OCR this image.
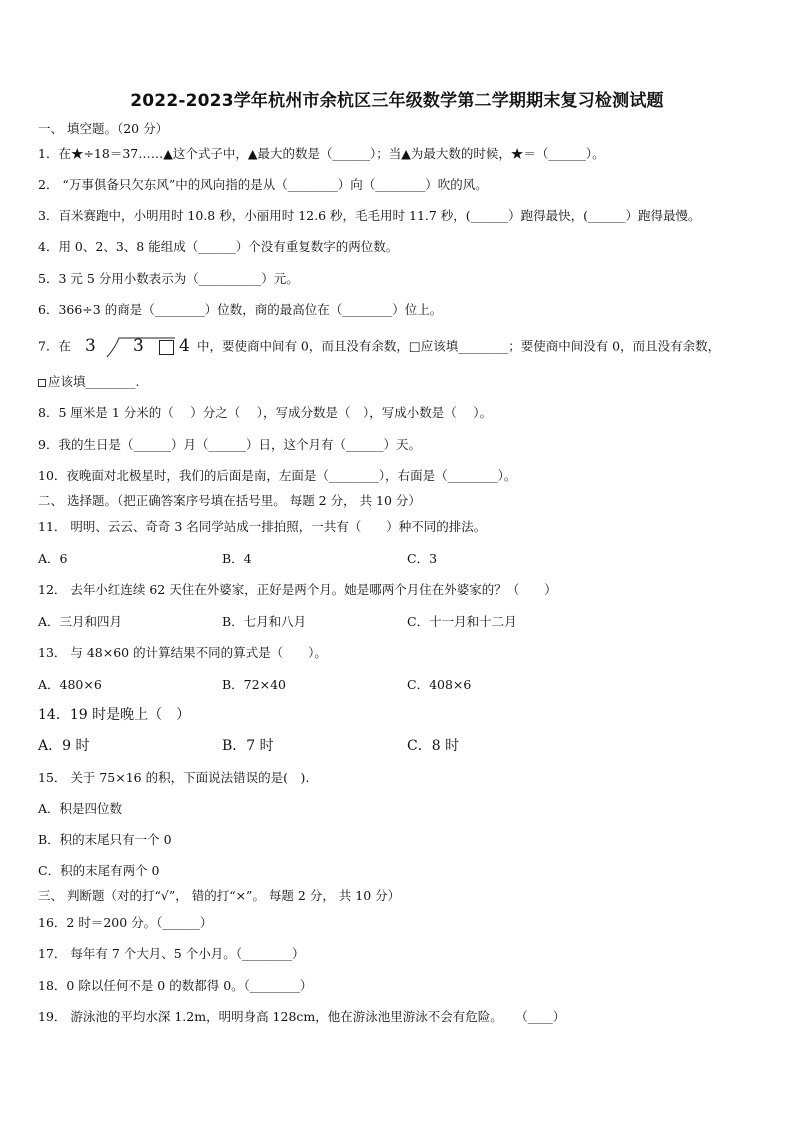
2022-2023学年杭州市余杭区三年级数学第二学期期末复习检测试题
一、 填空题。（20 分）
1．在★÷18＝37……▲这个式子中，▲最大的数是（______）；当▲为最大数的时候，★＝（______）。
2． “万事俱备只欠东风”中的风向指的是从（________）向（________）吹的风。
3．百米赛跑中，小明用时 10.8 秒，小丽用时 12.6 秒，毛毛用时 11.7 秒，(______）跑得最快，(______）跑得最慢。
4．用 0、2、3、8 能组成（______）个没有重复数字的两位数。
5．3 元 5 分用小数表示为（__________）元。
6．366÷3 的商是（________）位数，商的最高位在（________）位上。
7．在 3 3 4 中，要使商中间有 0，而且没有余数，□应该填________；要使商中间没有 0，而且没有余数，
应该填________.
8．5 厘米是 1 分米的（　 ）分之（　 ），写成分数是（　），写成小数是（　 ）。
9．我的生日是（______）月（______）日，这个月有（______）天。
10．夜晚面对北极星时，我们的后面是南，左面是（________），右面是（________）。
二、 选择题。（把正确答案序号填在括号里。 每题 2 分， 共 10 分）
11． 明明、云云、奇奇 3 名同学站成一排拍照，一共有（　　）种不同的排法。
A．6	B．4	C．3
12． 去年小红连续 62 天住在外婆家，正好是两个月。她是哪两个月住在外婆家的？（　　）
A．三月和四月	B．七月和八月	C．十一月和十二月
13． 与 48×60 的计算结果不同的算式是（　　）。
A．480×6	B．72×40	C．408×6
14．19 时是晚上（　）
A．9 时	B．7 时	C．8 时
15． 关于 75×16 的积，下面说法错误的是(　).
A．积是四位数
B．积的末尾只有一个 0
C．积的末尾有两个 0
三、 判断题（对的打“√”， 错的打“×”。 每题 2 分， 共 10 分）
16．2 时＝200 分。（______）
17． 每年有 7 个大月、5 个小月。（________）
18．0 除以任何不是 0 的数都得 0。（________）
19． 游泳池的平均水深 1.2m，明明身高 128cm，他在游泳池里游泳不会有危险。　　（____）
